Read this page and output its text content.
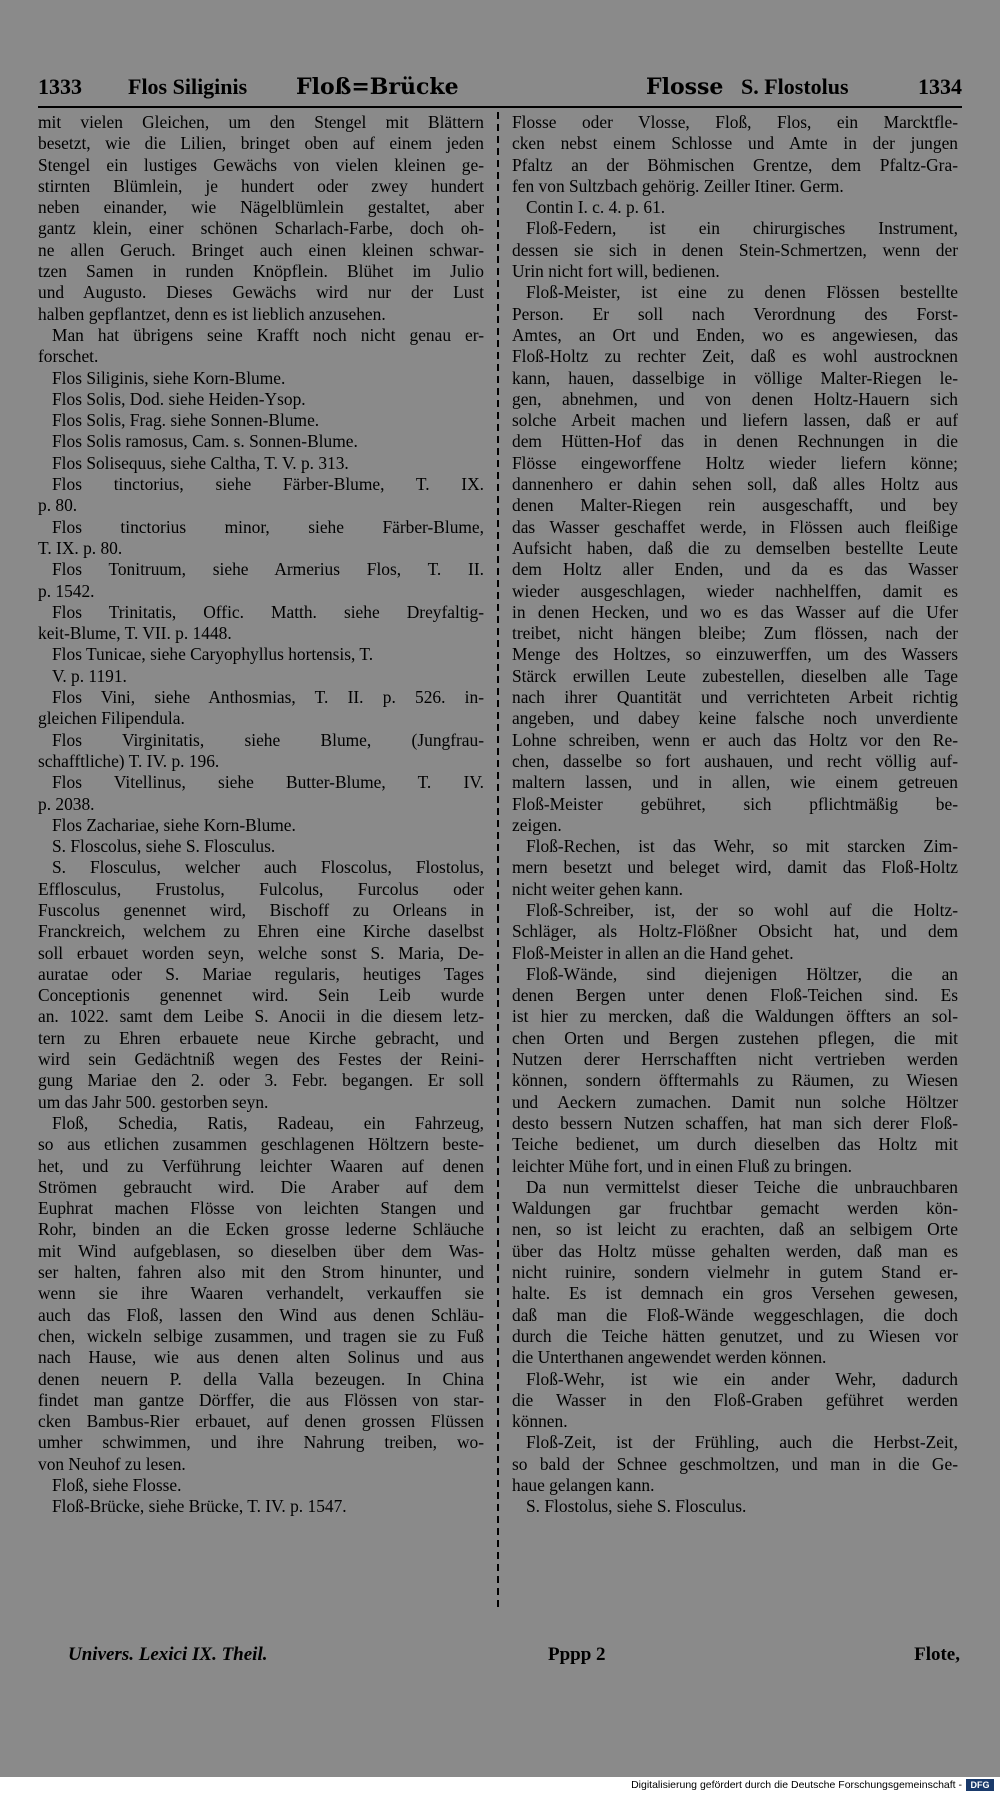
1333 Flos Siliginis Floß=Brücke	Flosse S. Flostolus	1334
mit vielen Gleichen, um den Stengel mit Blättern
besetzt, wie die Lilien, bringet oben auf einem jeden
Stengel ein lustiges Gewächs von vielen kleinen ge-
stirnten Blümlein, je hundert oder zwey hundert
neben einander, wie Nägelblümlein gestaltet, aber
gantz klein, einer schönen Scharlach-Farbe, doch oh-
ne allen Geruch. Bringet auch einen kleinen schwar-
tzen Samen in runden Knöpflein. Blühet im Julio
und Augusto. Dieses Gewächs wird nur der Lust
halben gepflantzet, denn es ist lieblich anzusehen.
Man hat übrigens seine Krafft noch nicht genau er-
forschet.
Flos Siliginis, siehe Korn-Blume.
Flos Solis, Dod. siehe Heiden-Ysop.
Flos Solis, Frag. siehe Sonnen-Blume.
Flos Solis ramosus, Cam. s. Sonnen-Blume.
Flos Solisequus, siehe Caltha, T. V. p. 313.
Flos tinctorius, siehe Färber-Blume, T. IX.
p. 80.
Flos tinctorius minor, siehe Färber-Blume,
T. IX. p. 80.
Flos Tonitruum, siehe Armerius Flos, T. II.
p. 1542.
Flos Trinitatis, Offic. Matth. siehe Dreyfaltig-
keit-Blume, T. VII. p. 1448.
Flos Tunicae, siehe Caryophyllus hortensis, T.
V. p. 1191.
Flos Vini, siehe Anthosmias, T. II. p. 526. in-
gleichen Filipendula.
Flos Virginitatis, siehe Blume, (Jungfrau-
schafftliche) T. IV. p. 196.
Flos Vitellinus, siehe Butter-Blume, T. IV.
p. 2038.
Flos Zachariae, siehe Korn-Blume.
S. Floscolus, siehe S. Flosculus.
S. Flosculus, welcher auch Floscolus, Flostolus,
Efflosculus, Frustolus, Fulcolus, Furcolus oder
Fuscolus genennet wird, Bischoff zu Orleans in
Franckreich, welchem zu Ehren eine Kirche daselbst
soll erbauet worden seyn, welche sonst S. Maria, De-
auratae oder S. Mariae regularis, heutiges Tages
Conceptionis genennet wird. Sein Leib wurde
an. 1022. samt dem Leibe S. Anocii in die diesem letz-
tern zu Ehren erbauete neue Kirche gebracht, und
wird sein Gedächtniß wegen des Festes der Reini-
gung Mariae den 2. oder 3. Febr. begangen. Er soll
um das Jahr 500. gestorben seyn.
Floß, Schedia, Ratis, Radeau, ein Fahrzeug,
so aus etlichen zusammen geschlagenen Höltzern beste-
het, und zu Verführung leichter Waaren auf denen
Strömen gebraucht wird. Die Araber auf dem
Euphrat machen Flösse von leichten Stangen und
Rohr, binden an die Ecken grosse lederne Schläuche
mit Wind aufgeblasen, so dieselben über dem Was-
ser halten, fahren also mit den Strom hinunter, und
wenn sie ihre Waaren verhandelt, verkauffen sie
auch das Floß, lassen den Wind aus denen Schläu-
chen, wickeln selbige zusammen, und tragen sie zu Fuß
nach Hause, wie aus denen alten Solinus und aus
denen neuern P. della Valla bezeugen. In China
findet man gantze Dörffer, die aus Flössen von star-
cken Bambus-Rier erbauet, auf denen grossen Flüssen
umher schwimmen, und ihre Nahrung treiben, wo-
von Neuhof zu lesen.
Floß, siehe Flosse.
Floß-Brücke, siehe Brücke, T. IV. p. 1547.
Flosse oder Vlosse, Floß, Flos, ein Marcktfle-
cken nebst einem Schlosse und Amte in der jungen
Pfaltz an der Böhmischen Grentze, dem Pfaltz-Gra-
fen von Sultzbach gehörig. Zeiller Itiner. Germ.
Contin I. c. 4. p. 61.
Floß-Federn, ist ein chirurgisches Instrument,
dessen sie sich in denen Stein-Schmertzen, wenn der
Urin nicht fort will, bedienen.
Floß-Meister, ist eine zu denen Flössen bestellte
Person. Er soll nach Verordnung des Forst-
Amtes, an Ort und Enden, wo es angewiesen, das
Floß-Holtz zu rechter Zeit, daß es wohl austrocknen
kann, hauen, dasselbige in völlige Malter-Riegen le-
gen, abnehmen, und von denen Holtz-Hauern sich
solche Arbeit machen und liefern lassen, daß er auf
dem Hütten-Hof das in denen Rechnungen in die
Flösse eingeworffene Holtz wieder liefern könne;
dannenhero er dahin sehen soll, daß alles Holtz aus
denen Malter-Riegen rein ausgeschafft, und bey
das Wasser geschaffet werde, in Flössen auch fleißige
Aufsicht haben, daß die zu demselben bestellte Leute
dem Holtz aller Enden, und da es das Wasser
wieder ausgeschlagen, wieder nachhelffen, damit es
in denen Hecken, und wo es das Wasser auf die Ufer
treibet, nicht hängen bleibe; Zum flössen, nach der
Menge des Holtzes, so einzuwerffen, um des Wassers
Stärck erwillen Leute zubestellen, dieselben alle Tage
nach ihrer Quantität und verrichteten Arbeit richtig
angeben, und dabey keine falsche noch unverdiente
Lohne schreiben, wenn er auch das Holtz vor den Re-
chen, dasselbe so fort aushauen, und recht völlig auf-
maltern lassen, und in allen, wie einem getreuen
Floß-Meister gebühret, sich pflichtmäßig be-
zeigen.
Floß-Rechen, ist das Wehr, so mit starcken Zim-
mern besetzt und beleget wird, damit das Floß-Holtz
nicht weiter gehen kann.
Floß-Schreiber, ist, der so wohl auf die Holtz-
Schläger, als Holtz-Flößner Obsicht hat, und dem
Floß-Meister in allen an die Hand gehet.
Floß-Wände, sind diejenigen Höltzer, die an
denen Bergen unter denen Floß-Teichen sind. Es
ist hier zu mercken, daß die Waldungen öffters an sol-
chen Orten und Bergen zustehen pflegen, die mit
Nutzen derer Herrschafften nicht vertrieben werden
können, sondern öfftermahls zu Räumen, zu Wiesen
und Aeckern zumachen. Damit nun solche Höltzer
desto bessern Nutzen schaffen, hat man sich derer Floß-
Teiche bedienet, um durch dieselben das Holtz mit
leichter Mühe fort, und in einen Fluß zu bringen.
Da nun vermittelst dieser Teiche die unbrauchbaren
Waldungen gar fruchtbar gemacht werden kön-
nen, so ist leicht zu erachten, daß an selbigem Orte
über das Holtz müsse gehalten werden, daß man es
nicht ruinire, sondern vielmehr in gutem Stand er-
halte. Es ist demnach ein gros Versehen gewesen,
daß man die Floß-Wände weggeschlagen, die doch
durch die Teiche hätten genutzet, und zu Wiesen vor
die Unterthanen angewendet werden können.
Floß-Wehr, ist wie ein ander Wehr, dadurch
die Wasser in den Floß-Graben geführet werden
können.
Floß-Zeit, ist der Frühling, auch die Herbst-Zeit,
so bald der Schnee geschmoltzen, und man in die Ge-
haue gelangen kann.
S. Flostolus, siehe S. Flosculus.
Univers. Lexici IX. Theil.	Pppp 2	Flote,
Digitalisierung gefördert durch die Deutsche Forschungsgemeinschaft - DFG
